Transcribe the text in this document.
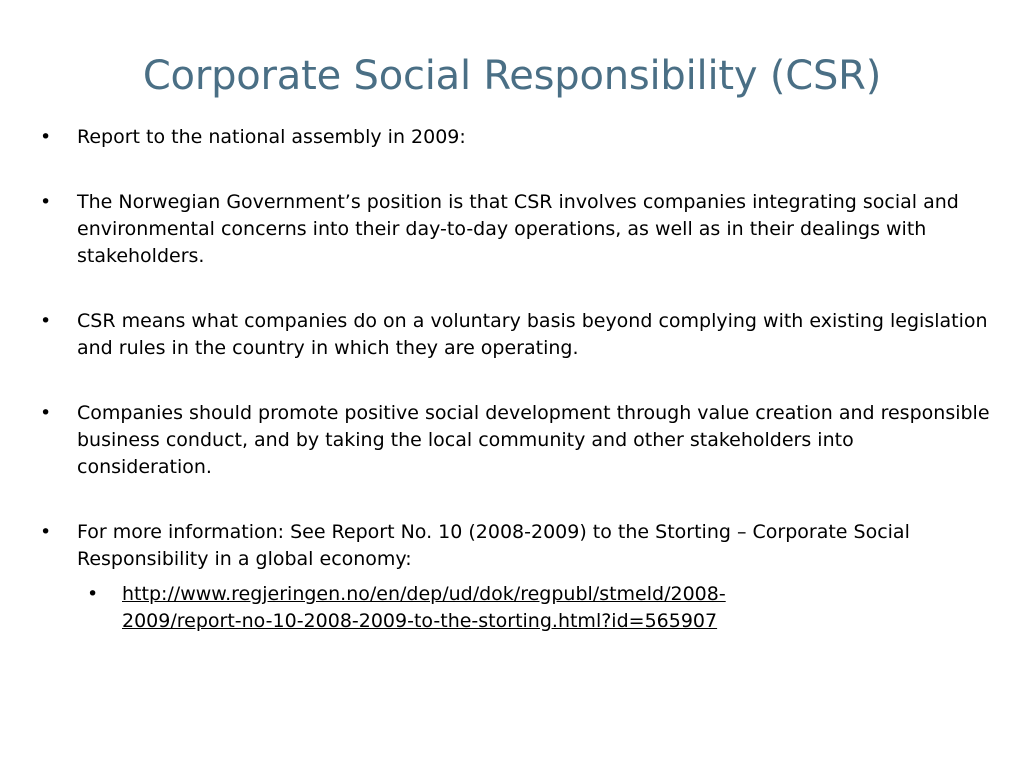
Corporate Social Responsibility (CSR)
• Report to the national assembly in 2009:
• The Norwegian Government’s position is that CSR involves companies integrating social and environmental concerns into their day-to-day operations, as well as in their dealings with stakeholders.
• CSR means what companies do on a voluntary basis beyond complying with existing legislation and rules in the country in which they are operating.
• Companies should promote positive social development through value creation and responsible business conduct, and by taking the local community and other stakeholders into consideration.
• For more information: See Report No. 10 (2008-2009) to the Storting – Corporate Social Responsibility in a global economy:
• http://www.regjeringen.no/en/dep/ud/dok/regpubl/stmeld/2008-
2009/report-no-10-2008-2009-to-the-storting.html?id=565907
